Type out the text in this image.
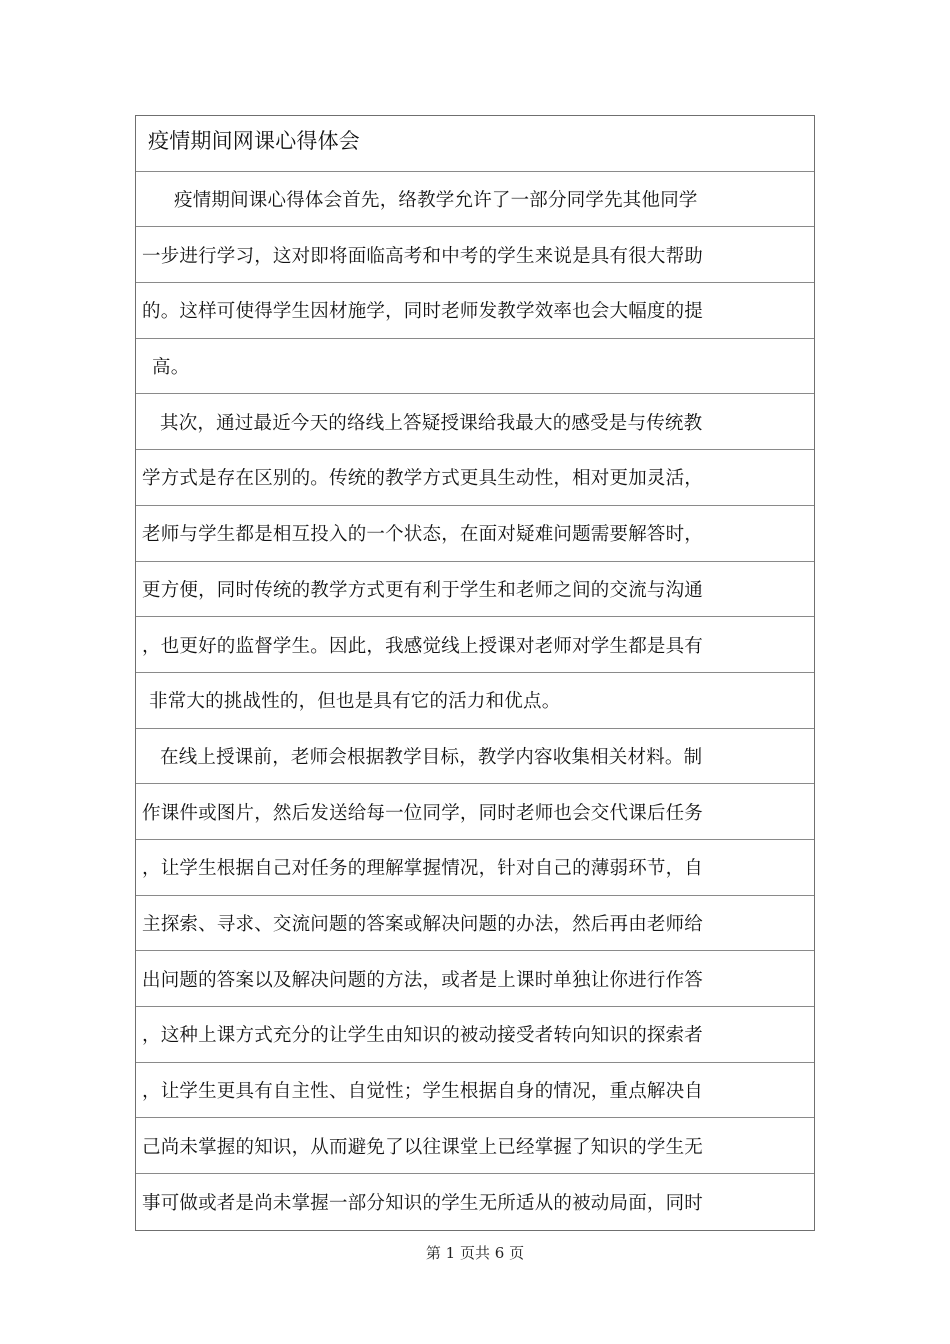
疫情期间网课心得体会
疫情期间课心得体会首先，络教学允许了一部分同学先其他同学
一步进行学习，这对即将面临高考和中考的学生来说是具有很大帮助
的。这样可使得学生因材施学，同时老师发教学效率也会大幅度的提
高。
其次，通过最近今天的络线上答疑授课给我最大的感受是与传统教
学方式是存在区别的。传统的教学方式更具生动性，相对更加灵活，
老师与学生都是相互投入的一个状态，在面对疑难问题需要解答时，
更方便，同时传统的教学方式更有利于学生和老师之间的交流与沟通
，也更好的监督学生。因此，我感觉线上授课对老师对学生都是具有
非常大的挑战性的，但也是具有它的活力和优点。
在线上授课前，老师会根据教学目标，教学内容收集相关材料。制
作课件或图片，然后发送给每一位同学，同时老师也会交代课后任务
，让学生根据自己对任务的理解掌握情况，针对自己的薄弱环节，自
主探索、寻求、交流问题的答案或解决问题的办法，然后再由老师给
出问题的答案以及解决问题的方法，或者是上课时单独让你进行作答
，这种上课方式充分的让学生由知识的被动接受者转向知识的探索者
，让学生更具有自主性、自觉性；学生根据自身的情况，重点解决自
己尚未掌握的知识，从而避免了以往课堂上已经掌握了知识的学生无
事可做或者是尚未掌握一部分知识的学生无所适从的被动局面，同时
第 1 页共 6 页
